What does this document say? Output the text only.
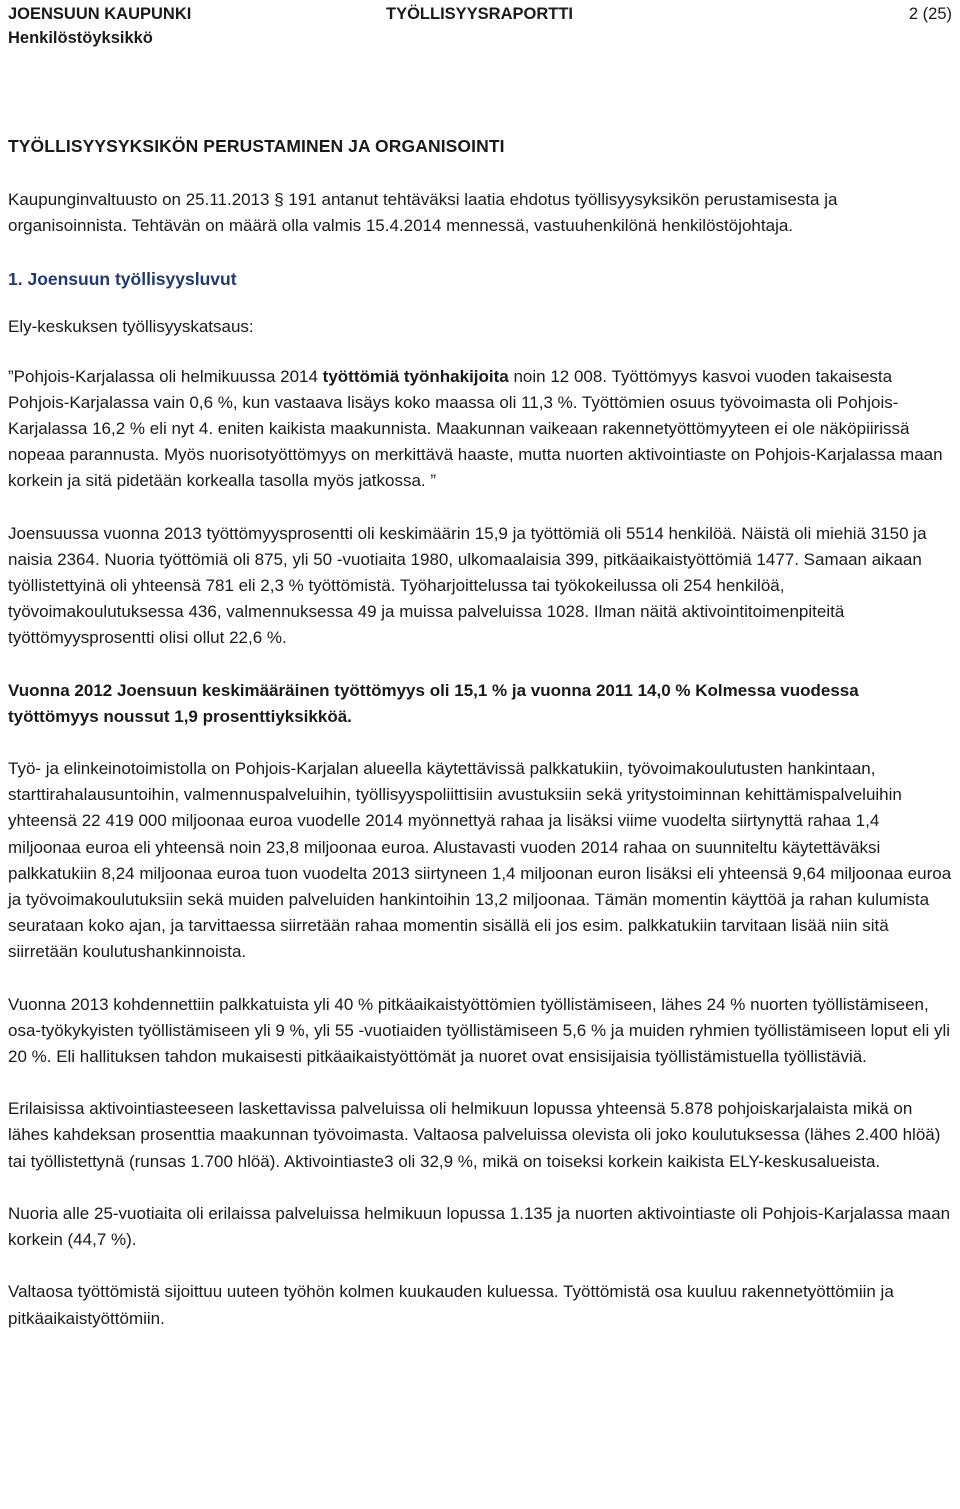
JOENSUUN KAUPUNKI	TYÖLLISYYSRAPORTTI	2 (25)
Henkilöstöyksikkö
TYÖLLISYYSYKSIKÖN PERUSTAMINEN JA ORGANISOINTI

Kaupunginvaltuusto on 25.11.2013 § 191 antanut tehtäväksi laatia ehdotus työllisyysyksikön perustamisesta ja organisoinnista. Tehtävän on määrä olla valmis 15.4.2014 mennessä, vastuuhenkilönä henkilöstöjohtaja.

1. Joensuun työllisyysluvut

Ely-keskuksen työllisyyskatsaus:

”Pohjois-Karjalassa oli helmikuussa 2014 työttömiä työnhakijoita noin 12 008. Työttömyys kasvoi vuoden takaisesta Pohjois-Karjalassa vain 0,6 %, kun vastaava lisäys koko maassa oli 11,3 %. Työttömien osuus työvoimasta oli Pohjois-Karjalassa 16,2 % eli nyt 4. eniten kaikista maakunnista. Maakunnan vaikeaan rakennetyöttömyyteen ei ole näköpiirissä nopeaa parannusta. Myös nuorisotyöttömyys on merkittävä haaste, mutta nuorten aktivointiaste on Pohjois-Karjalassa maan korkein ja sitä pidetään korkealla tasolla myös jatkossa. ”

Joensuussa vuonna 2013 työttömyysprosentti oli keskimäärin 15,9 ja työttömiä oli 5514 henkilöä. Näistä oli miehiä 3150 ja naisia 2364. Nuoria työttömiä oli 875, yli 50 -vuotiaita 1980, ulkomaalaisia 399, pitkäaikaistyöttömiä 1477. Samaan aikaan työllistettyinä oli yhteensä 781 eli 2,3 % työttömistä. Työharjoittelussa tai työkokeilussa oli 254 henkilöä, työvoimakoulutuksessa 436, valmennuksessa 49 ja muissa palveluissa 1028. Ilman näitä aktivointitoimenpiteitä työttömyysprosentti olisi ollut 22,6 %.

Vuonna 2012 Joensuun keskimääräinen työttömyys oli 15,1 % ja vuonna 2011 14,0 % Kolmessa vuodessa työttömyys noussut 1,9 prosenttiyksikköä.

Työ- ja elinkeinotoimistolla on Pohjois-Karjalan alueella käytettävissä palkkatukiin, työvoimakoulutusten hankintaan, starttirahalausuntoihin, valmennuspalveluihin, työllisyyspoliittisiin avustuksiin sekä yritystoiminnan kehittämispalveluihin yhteensä 22 419 000 miljoonaa euroa vuodelle 2014 myönnettyä rahaa ja lisäksi viime vuodelta siirtynyttä rahaa 1,4 miljoonaa euroa eli yhteensä noin 23,8 miljoonaa euroa. Alustavasti vuoden 2014 rahaa on suunniteltu käytettäväksi palkkatukiin 8,24 miljoonaa euroa tuon vuodelta 2013 siirtyneen 1,4 miljoonan euron lisäksi eli yhteensä 9,64 miljoonaa euroa ja työvoimakoulutuksiin sekä muiden palveluiden hankintoihin 13,2 miljoonaa. Tämän momentin käyttöä ja rahan kulumista seurataan koko ajan, ja tarvittaessa siirretään rahaa momentin sisällä eli jos esim. palkkatukiin tarvitaan lisää niin sitä siirretään koulutushankinnoista.

Vuonna 2013 kohdennettiin palkkatuista yli 40 % pitkäaikaistyöttömien työllistämiseen, lähes 24 % nuorten työllistämiseen, osa-työkykyisten työllistämiseen yli 9 %, yli 55 -vuotiaiden työllistämiseen 5,6 % ja muiden ryhmien työllistämiseen loput eli yli 20 %. Eli hallituksen tahdon mukaisesti pitkäaikaistyöttömät ja nuoret ovat ensisijaisia työllistämistuella työllistäviä.

Erilaisissa aktivointiasteeseen laskettavissa palveluissa oli helmikuun lopussa yhteensä 5.878 pohjoiskarjalaista mikä on lähes kahdeksan prosenttia maakunnan työvoimasta. Valtaosa palveluissa olevista oli joko koulutuksessa (lähes 2.400 hlöä) tai työllistettynä (runsas 1.700 hlöä). Aktivointiaste3 oli 32,9 %, mikä on toiseksi korkein kaikista ELY-keskusalueista.

Nuoria alle 25-vuotiaita oli erilaissa palveluissa helmikuun lopussa 1.135 ja nuorten aktivointiaste oli Pohjois-Karjalassa maan korkein (44,7 %).

Valtaosa työttömistä sijoittuu uuteen työhön kolmen kuukauden kuluessa. Työttömistä osa kuuluu rakennetyöttömiin ja pitkäaikaistyöttömiin.
